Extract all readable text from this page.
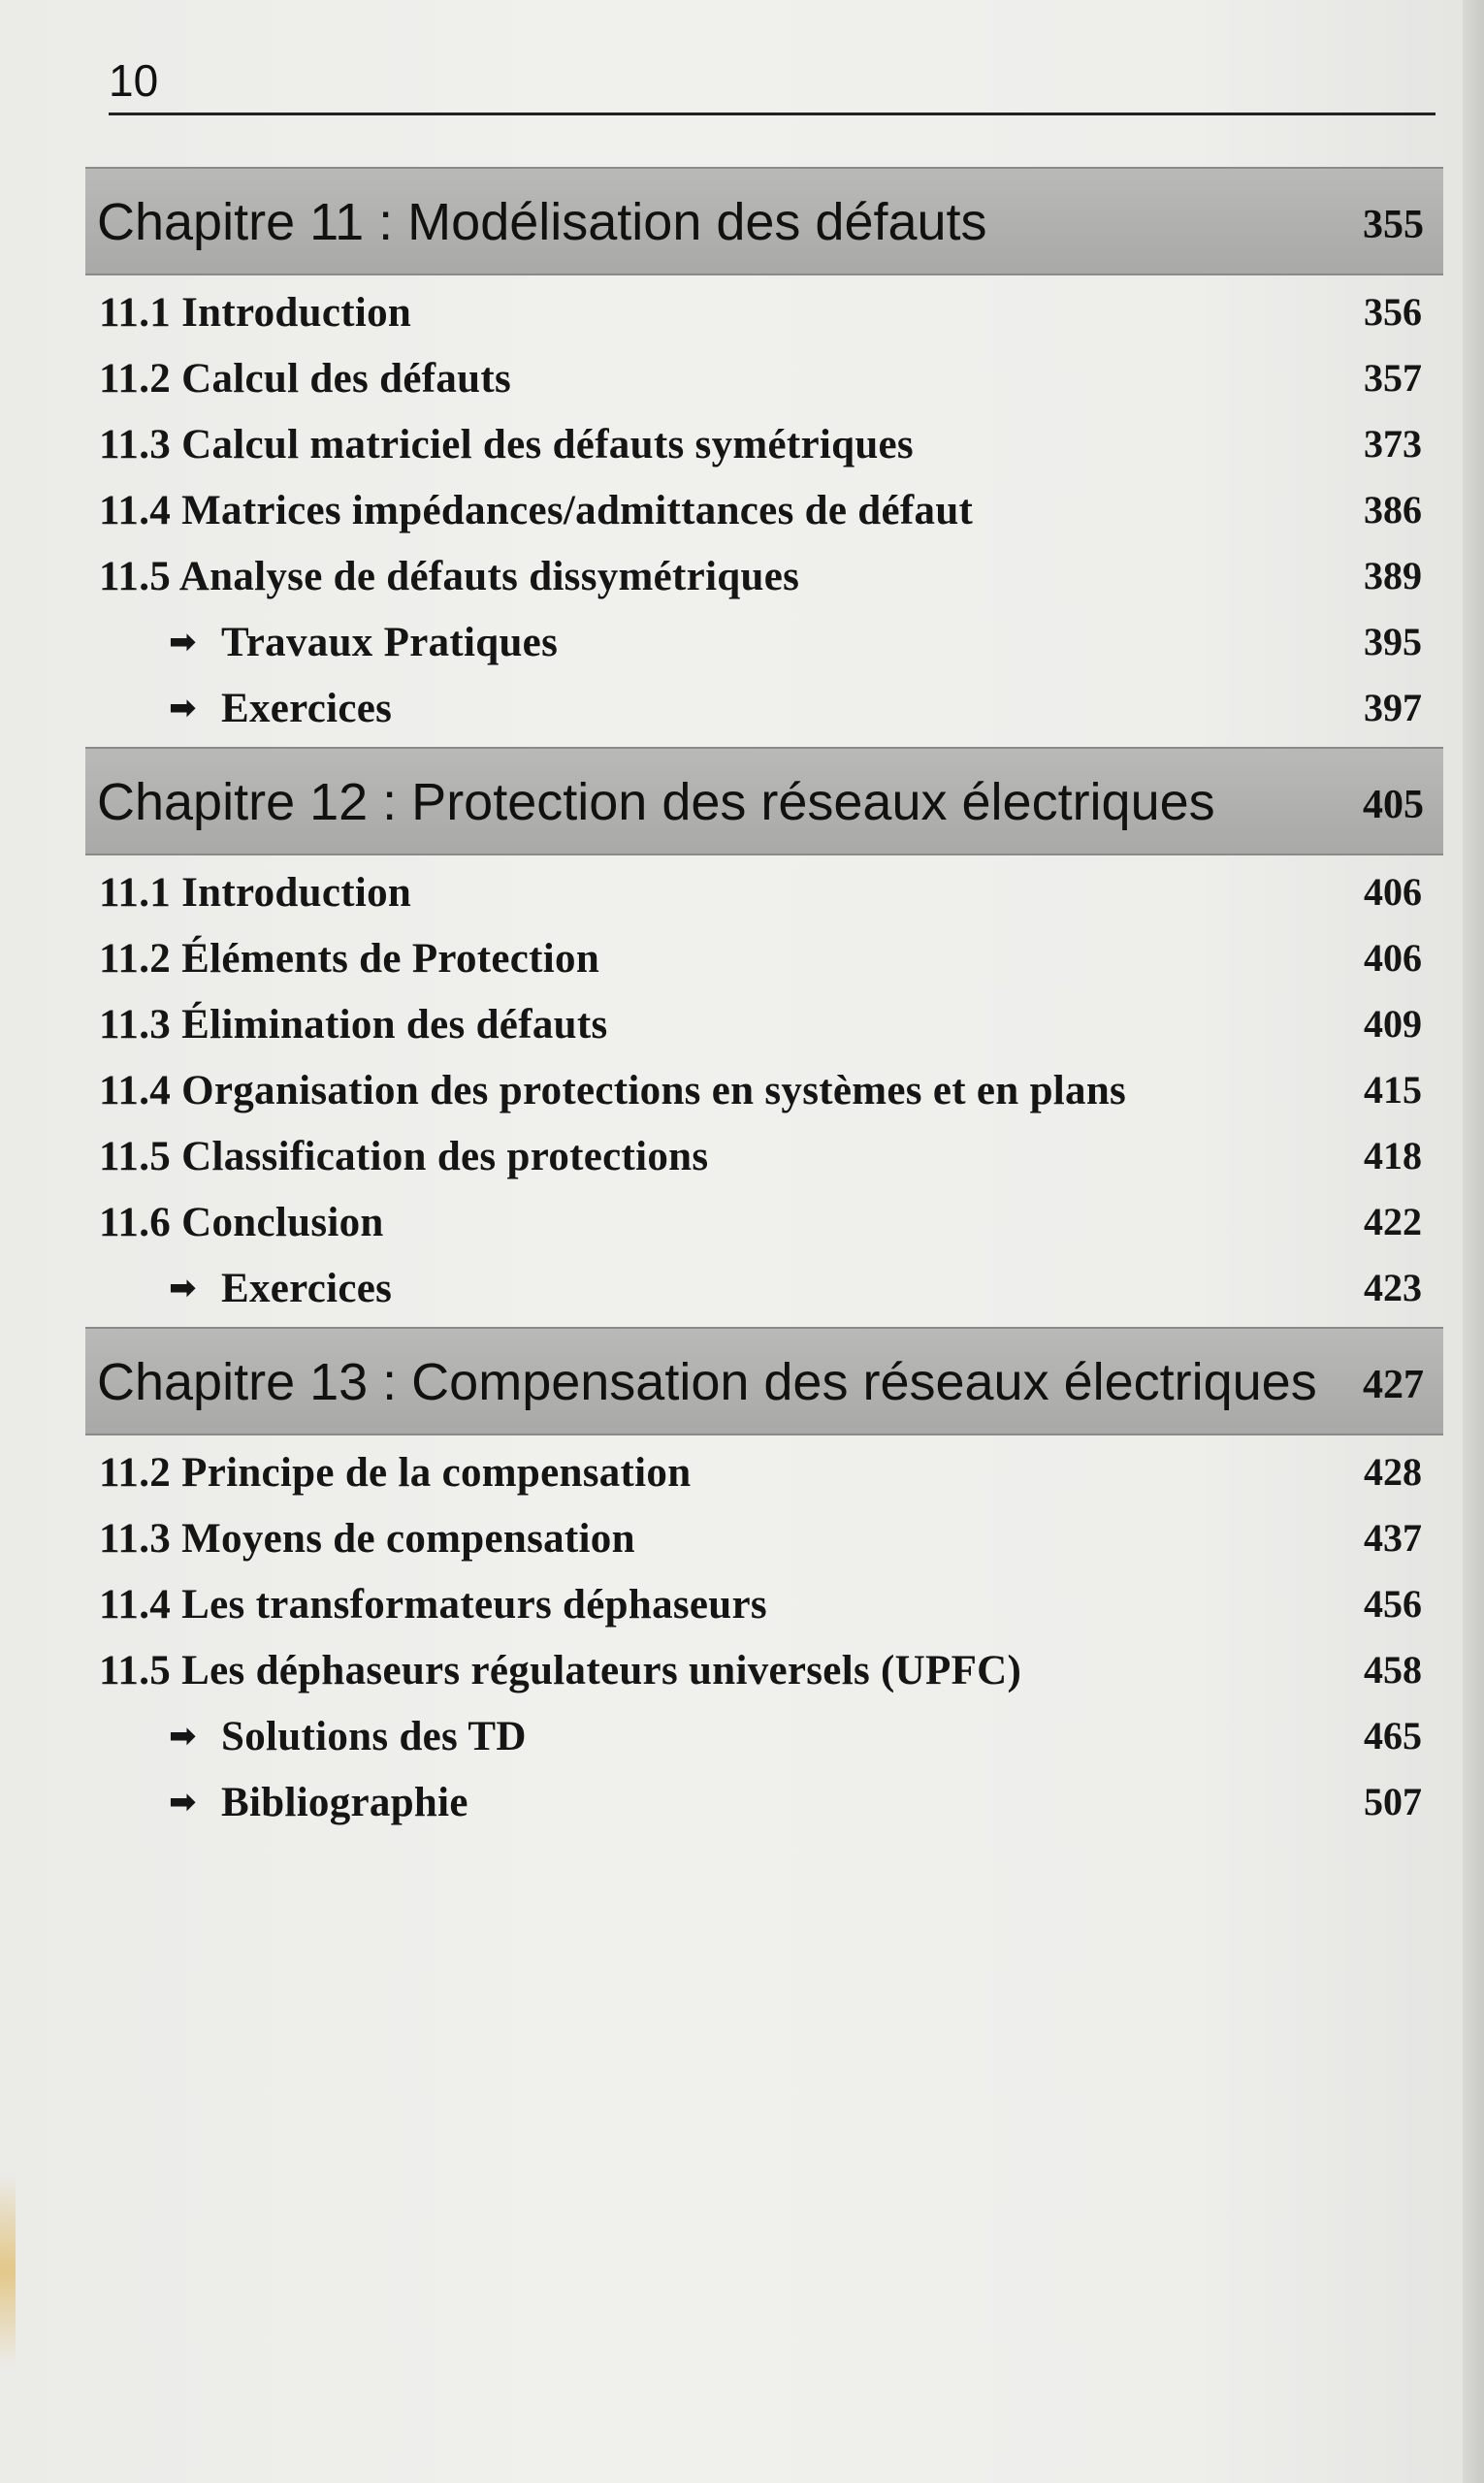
10
Chapitre 11 : Modélisation des défauts	355
11.1 Introduction	356
11.2 Calcul des défauts	357
11.3 Calcul matriciel des défauts symétriques	373
11.4 Matrices impédances/admittances de défaut	386
11.5 Analyse de défauts dissymétriques	389
➡ Travaux Pratiques	395
➡ Exercices	397
Chapitre 12 : Protection des réseaux électriques	405
11.1 Introduction	406
11.2 Éléments de Protection	406
11.3 Élimination des défauts	409
11.4 Organisation des protections en systèmes et en plans	415
11.5 Classification des protections	418
11.6 Conclusion	422
➡ Exercices	423
Chapitre 13 : Compensation des réseaux électriques 427
11.2 Principe de la compensation	428
11.3 Moyens de compensation	437
11.4 Les transformateurs déphaseurs	456
11.5 Les déphaseurs régulateurs universels (UPFC)	458
➡ Solutions des TD	465
➡ Bibliographie	507
